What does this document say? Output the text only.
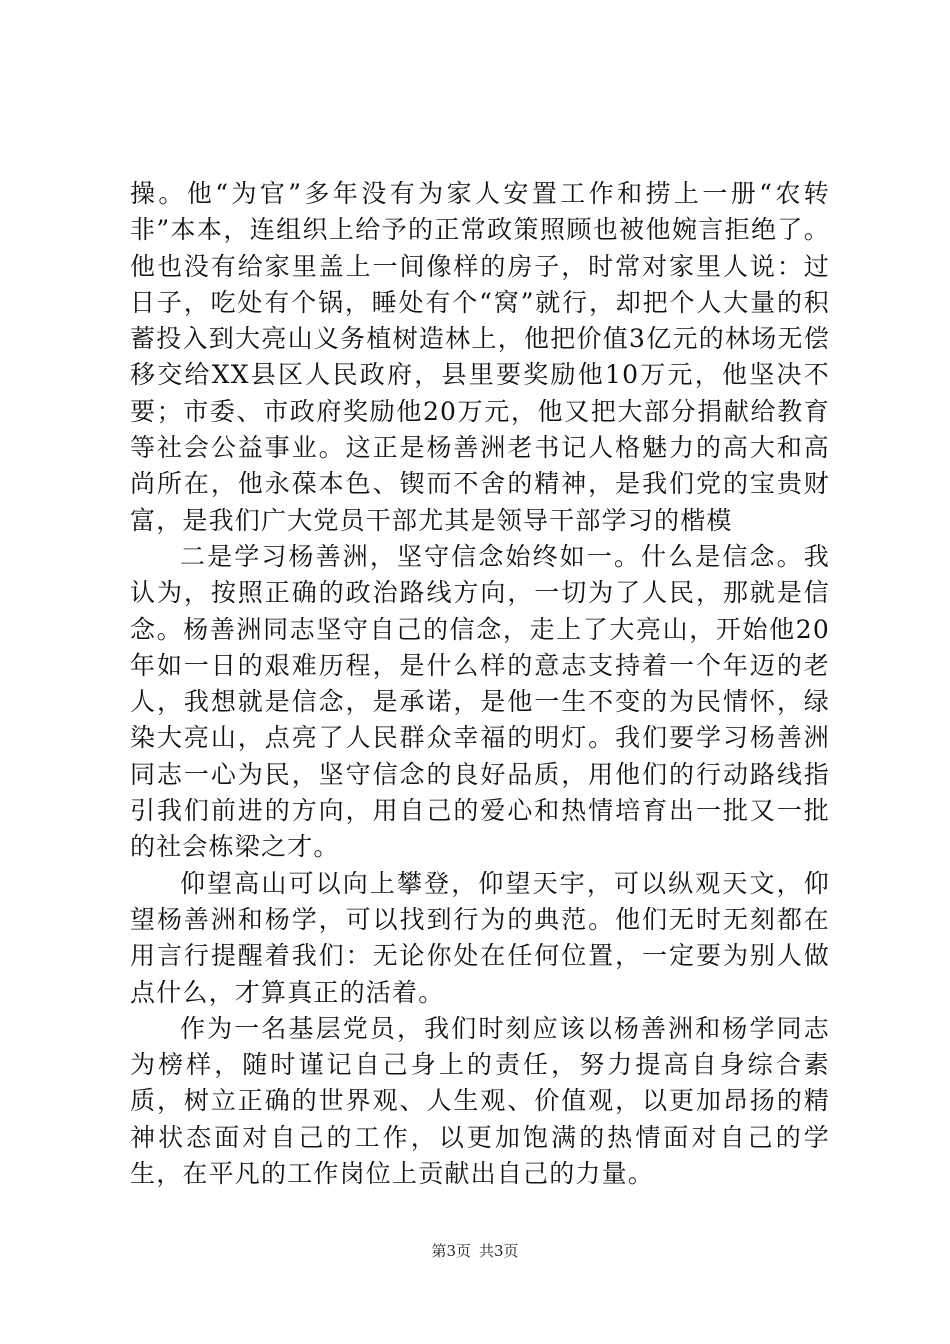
操。他“为官”多年没有为家人安置工作和捞上一册“农转非”本本，连组织上给予的正常政策照顾也被他婉言拒绝了。他也没有给家里盖上一间像样的房子，时常对家里人说：过日子，吃处有个锅，睡处有个“窝”就行，却把个人大量的积蓄投入到大亮山义务植树造林上，他把价值3亿元的林场无偿移交给XX县区人民政府，县里要奖励他10万元，他坚决不要；市委、市政府奖励他20万元，他又把大部分捐献给教育等社会公益事业。这正是杨善洲老书记人格魅力的高大和高尚所在，他永葆本色、锲而不舍的精神，是我们党的宝贵财富，是我们广大党员干部尤其是领导干部学习的楷模

二是学习杨善洲，坚守信念始终如一。什么是信念。我认为，按照正确的政治路线方向，一切为了人民，那就是信念。杨善洲同志坚守自己的信念，走上了大亮山，开始他20年如一日的艰难历程，是什么样的意志支持着一个年迈的老人，我想就是信念，是承诺，是他一生不变的为民情怀，绿染大亮山，点亮了人民群众幸福的明灯。我们要学习杨善洲同志一心为民，坚守信念的良好品质，用他们的行动路线指引我们前进的方向，用自己的爱心和热情培育出一批又一批的社会栋梁之才。

仰望高山可以向上攀登，仰望天宇，可以纵观天文，仰望杨善洲和杨学，可以找到行为的典范。他们无时无刻都在用言行提醒着我们：无论你处在任何位置，一定要为别人做点什么，才算真正的活着。

作为一名基层党员，我们时刻应该以杨善洲和杨学同志为榜样，随时谨记自己身上的责任，努力提高自身综合素质，树立正确的世界观、人生观、价值观，以更加昂扬的精神状态面对自己的工作，以更加饱满的热情面对自己的学生，在平凡的工作岗位上贡献出自己的力量。

第3页 共3页
